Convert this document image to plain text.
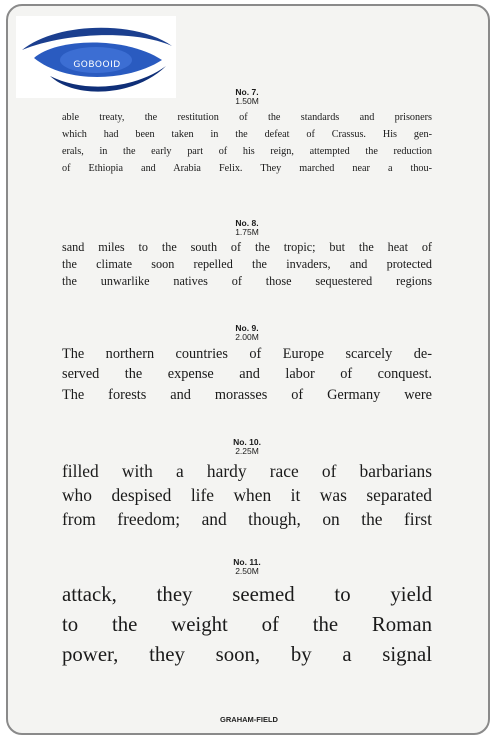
GOBOOID
No. 7.
1.50M
able treaty, the restitution of the standards and prisoners
which had been taken in the defeat of Crassus. His gen-
erals, in the early part of his reign, attempted the reduction
of Ethiopia and Arabia Felix. They marched near a thou-
No. 8.
1.75M
sand miles to the south of the tropic; but the heat of
the climate soon repelled the invaders, and protected
the unwarlike natives of those sequestered regions
No. 9.
2.00M
The northern countries of Europe scarcely de-
served the expense and labor of conquest.
The forests and morasses of Germany were
No. 10.
2.25M
filled with a hardy race of barbarians
who despised life when it was separated
from freedom; and though, on the first
No. 11.
2.50M
attack, they seemed to yield
to the weight of the Roman
power, they soon, by a signal
GRAHAM-FIELD
